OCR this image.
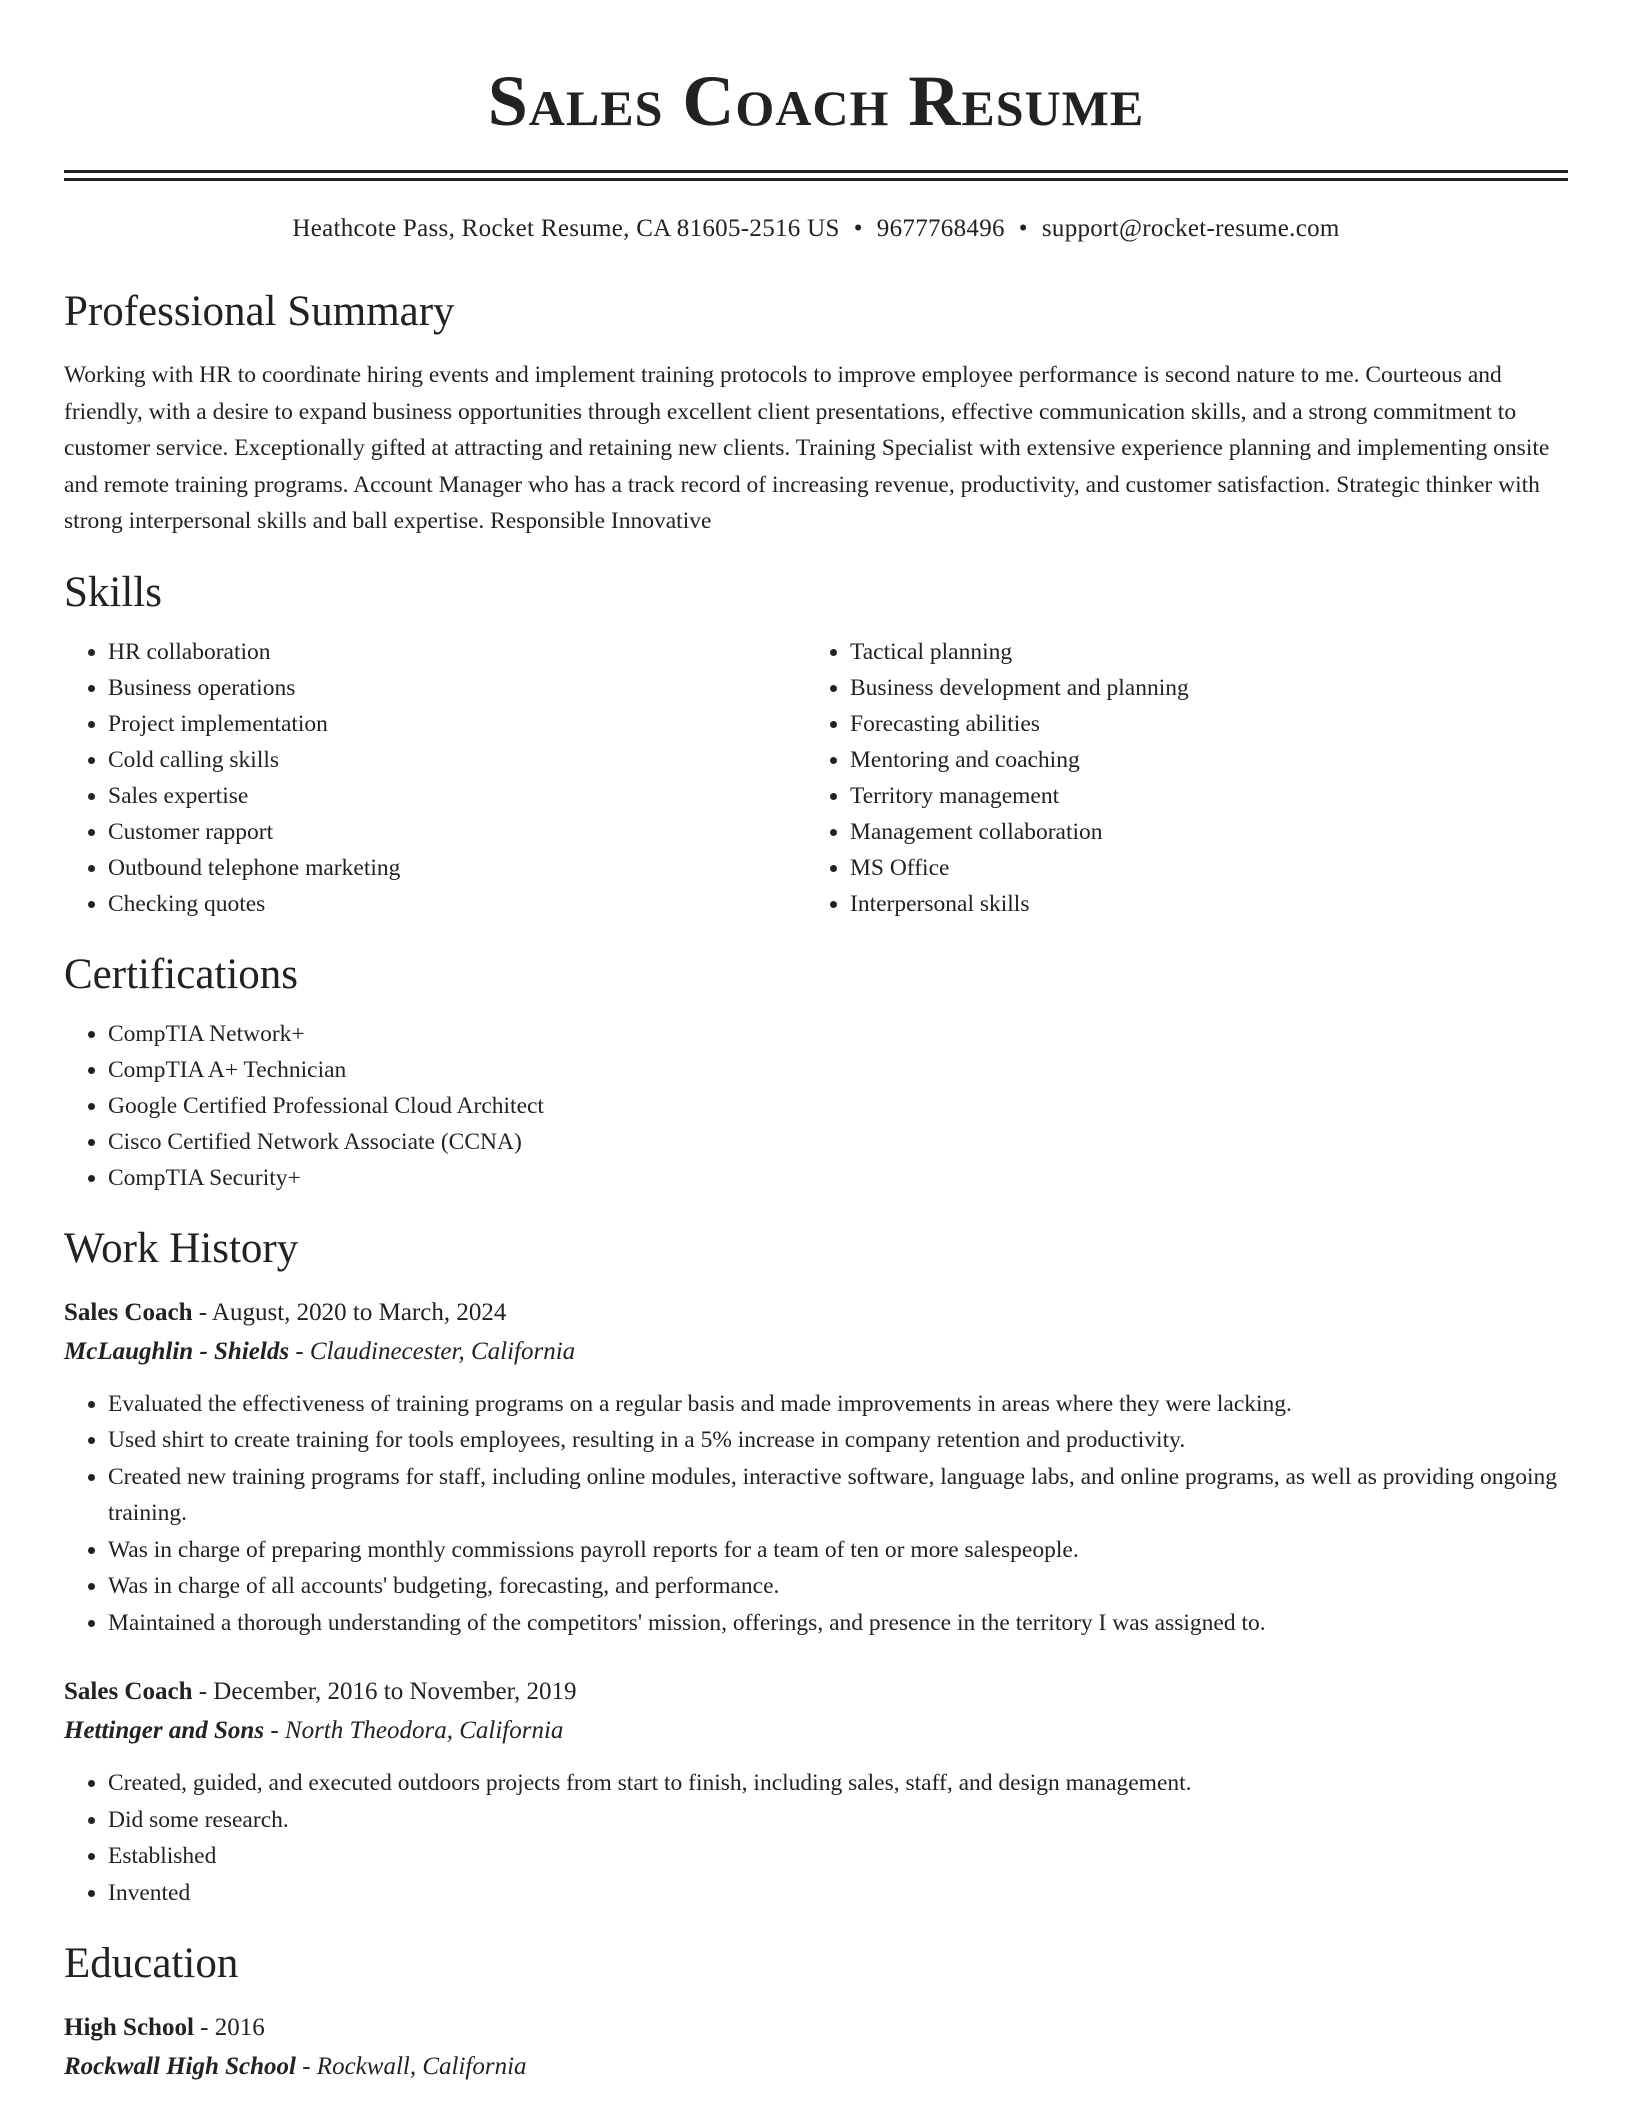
Sales Coach Resume
Heathcote Pass, Rocket Resume, CA 81605-2516 US • 9677768496 • support@rocket-resume.com
Professional Summary

Working with HR to coordinate hiring events and implement training protocols to improve employee performance is second nature to me. Courteous and friendly, with a desire to expand business opportunities through excellent client presentations, effective communication skills, and a strong commitment to customer service. Exceptionally gifted at attracting and retaining new clients. Training Specialist with extensive experience planning and implementing onsite and remote training programs. Account Manager who has a track record of increasing revenue, productivity, and customer satisfaction. Strategic thinker with strong interpersonal skills and ball expertise. Responsible Innovative

Skills
• HR collaboration
• Business operations
• Project implementation
• Cold calling skills
• Sales expertise
• Customer rapport
• Outbound telephone marketing
• Checking quotes
• Tactical planning
• Business development and planning
• Forecasting abilities
• Mentoring and coaching
• Territory management
• Management collaboration
• MS Office
• Interpersonal skills
Certifications
• CompTIA Network+
• CompTIA A+ Technician
• Google Certified Professional Cloud Architect
• Cisco Certified Network Associate (CCNA)
• CompTIA Security+
Work History
Sales Coach - August, 2020 to March, 2024
McLaughlin - Shields - Claudinecester, California
• Evaluated the effectiveness of training programs on a regular basis and made improvements in areas where they were lacking.
• Used shirt to create training for tools employees, resulting in a 5% increase in company retention and productivity.
• Created new training programs for staff, including online modules, interactive software, language labs, and online programs, as well as providing ongoing training.
• Was in charge of preparing monthly commissions payroll reports for a team of ten or more salespeople.
• Was in charge of all accounts' budgeting, forecasting, and performance.
• Maintained a thorough understanding of the competitors' mission, offerings, and presence in the territory I was assigned to.
Sales Coach - December, 2016 to November, 2019
Hettinger and Sons - North Theodora, California
• Created, guided, and executed outdoors projects from start to finish, including sales, staff, and design management.
• Did some research.
• Established
• Invented
Education
High School - 2016
Rockwall High School - Rockwall, California
